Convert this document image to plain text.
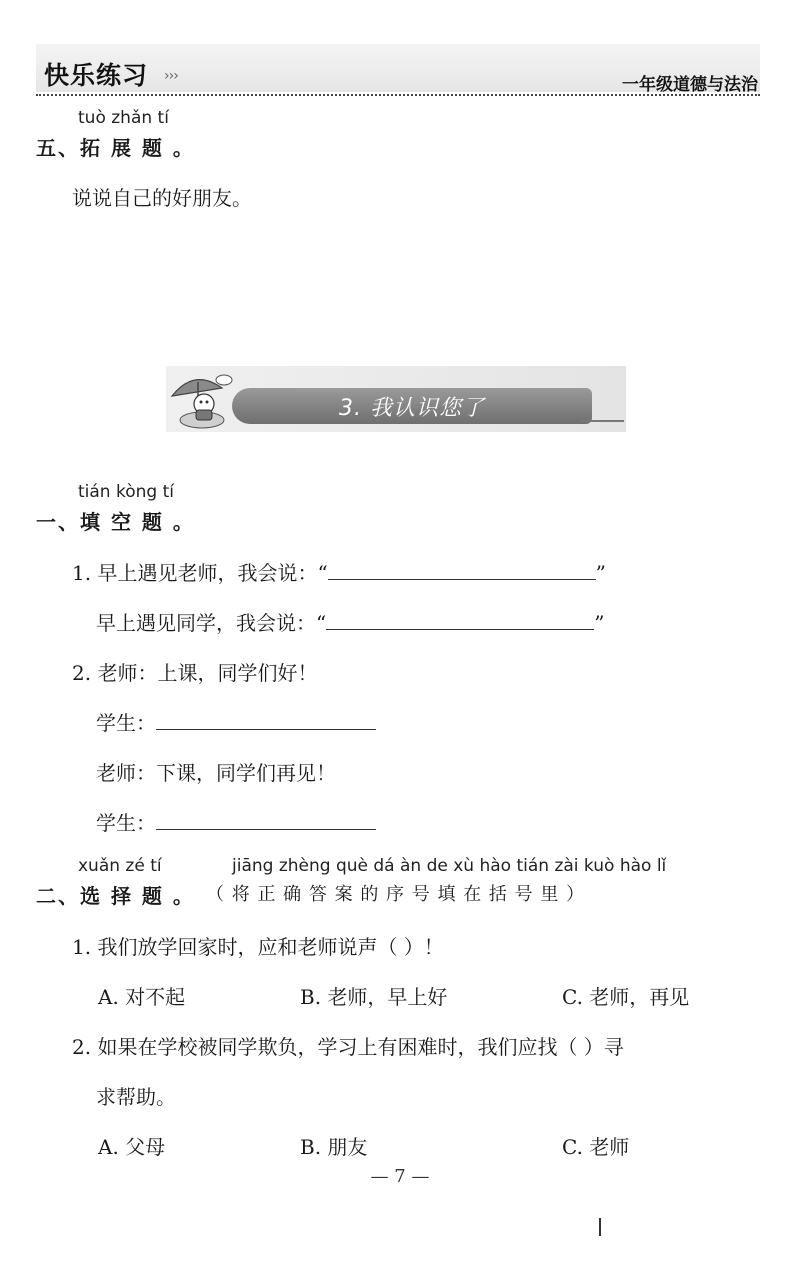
快乐练习 ›››	一年级道德与法治
tuò zhǎn tí
五、拓 展 题 。
说说自己的好朋友。
3. 我认识您了
tián kòng tí
一、填 空 题 。
1. 早上遇见老师，我会说：“	”
早上遇见同学，我会说：“	”
2. 老师：上课，同学们好！
学生：
老师：下课，同学们再见！
学生：
xuǎn zé tí	jiāng zhèng què dá àn de xù hào tián zài kuò hào lǐ
二、选 择 题 。 （ 将 正 确 答 案 的 序 号 填 在 括 号 里 ）
1. 我们放学回家时，应和老师说声（ ）！
A. 对不起	B. 老师，早上好	C. 老师，再见
2. 如果在学校被同学欺负，学习上有困难时，我们应找（ ）寻
求帮助。
A. 父母	B. 朋友	C. 老师
— 7 —
